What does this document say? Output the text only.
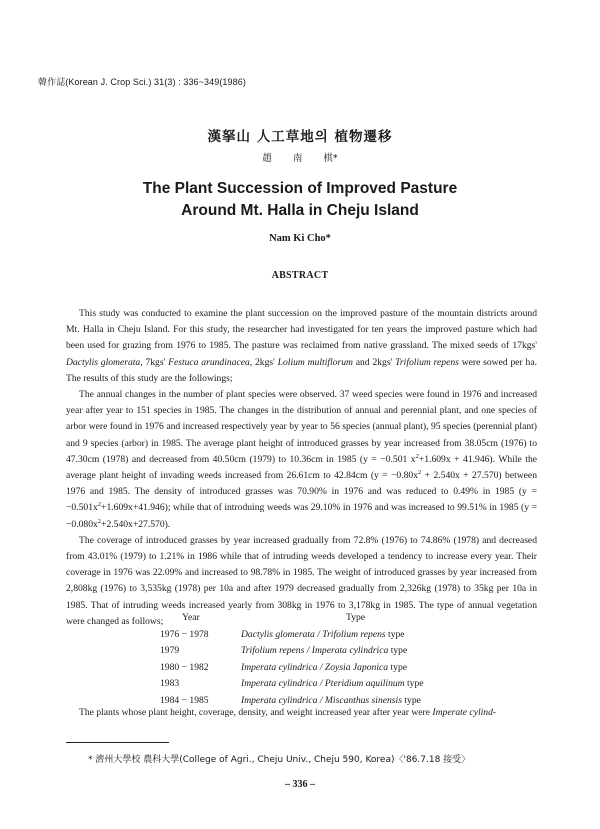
韓作誌(Korean J. Crop Sci.) 31(3) : 336~349(1986)
漢拏山 人工草地의 植物遷移
趙 南 棋*
The Plant Succession of Improved Pasture
Around Mt. Halla in Cheju Island
Nam Ki Cho*
ABSTRACT

This study was conducted to examine the plant succession on the improved pasture of the mountain districts around Mt. Halla in Cheju Island. For this study, the researcher had investigated for ten years the improved pasture which had been used for grazing from 1976 to 1985. The pasture was reclaimed from native grassland. The mixed seeds of 17kgs' Dactylis glomerata, 7kgs' Festuca arundinacea, 2kgs' Lolium multiflorum and 2kgs' Trifolium repens were sowed per ha. The results of this study are the followings;

The annual changes in the number of plant species were observed. 37 weed species were found in 1976 and increased year after year to 151 species in 1985. The changes in the distribution of annual and perennial plant, and one species of arbor were found in 1976 and increased respectively year by year to 56 species (annual plant), 95 species (perennial plant) and 9 species (arbor) in 1985. The average plant height of introduced grasses by year increased from 38.05cm (1976) to 47.30cm (1978) and decreased from 40.50cm (1979) to 10.36cm in 1985 (y = −0.501 $x^2+1.609x + 41.946$). While the average plant height of invading weeds increased from 26.61cm to 42.84cm $(y = -0.80x^2 + 2.540x + 27.570)$ between 1976 and 1985. The density of introduced grasses was 70.90% in 1976 and was reduced to 0.49% in 1985 $(y = -0.501x^2+1.609x+41.946)$; while that of introduing weeds was 29.10% in 1976 and was increased to 99.51% in 1985 $(y = -0.080x^2+2.540x+27.570)$.

The coverage of introduced grasses by year increased gradually from 72.8% (1976) to 74.86% (1978) and decreased from 43.01% (1979) to 1.21% in 1986 while that of intruding weeds developed a tendency to increase every year. Their coverage in 1976 was 22.09% and increased to 98.78% in 1985. The weight of introduced grasses by year increased from 2,808kg (1976) to 3,535kg (1978) per 10a and after 1979 decreased gradually from 2,326kg (1978) to 35kg per 10a in 1985. That of intruding weeds increased yearly from 308kg in 1976 to 3,178kg in 1985. The type of annual vegetation were changed as follows;	Year	Type
1976 − 1978	Dactylis glomerata / Trifolium repens type
1979	Trifolium repens / Imperata cylindrica type
1980 − 1982	Imperata cylindrica / Zoysia Japonica type
1983	Imperata cylindrica / Pteridium aquilinum type
1984 − 1985	Imperata cylindrica / Miscanthus sinensis type
The plants whose plant height, coverage, density, and weight increased year after year were Imperate cylind-
* 濟州大學校 農科大學(College of Agri., Cheju Univ., Cheju 590, Korea)〈'86.7.18 接受〉
– 336 –
